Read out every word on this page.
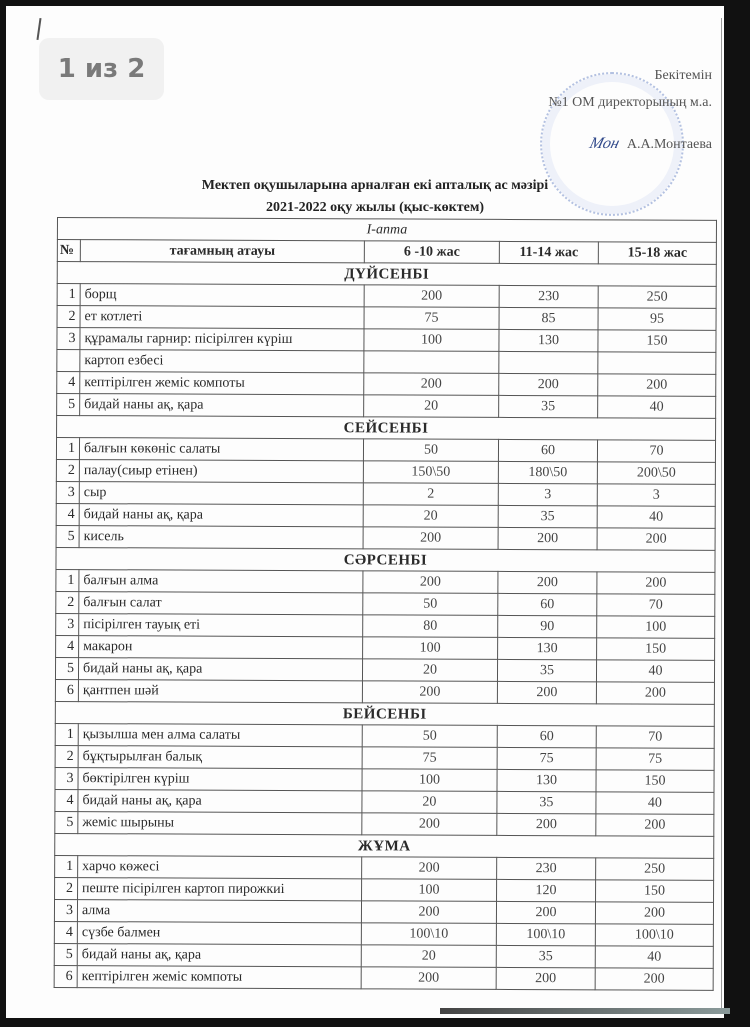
1 из 2	Бекітемін
№1 ОМ директорының м.а.
Мон А.А.Монтаева
Мектеп оқушыларына арналған екі апталық ас мәзірі
2021-2022 оқу жылы (қыс-көктем)
І-апта				
№	тағамның атауы	6 -10 жас	11-14 жас	15-18 жас
ДҮЙСЕНБІ				
1	борщ	200	230	250
2	ет котлеті	75	85	95
3	құрамалы гарнир: пісірілген күріш	100	130	150
	картоп езбесі			
4	кептірілген жеміс компоты	200	200	200
5	бидай наны ақ, қара	20	35	40
СЕЙСЕНБІ				
1	балғын көкөніс салаты	50	60	70
2	палау(сиыр етінен)	150\50	180\50	200\50
3	сыр	2	3	3
4	бидай наны ақ, қара	20	35	40
5	кисель	200	200	200
СӘРСЕНБІ				
1	балғын алма	200	200	200
2	балғын салат	50	60	70
3	пісірілген тауық еті	80	90	100
4	макарон	100	130	150
5	бидай наны ақ, қара	20	35	40
6	қантпен шәй	200	200	200
БЕЙСЕНБІ				
1	қызылша мен алма салаты	50	60	70
2	бұқтырылған балық	75	75	75
3	бөктірілген күріш	100	130	150
4	бидай наны ақ, қара	20	35	40
5	жеміс шырыны	200	200	200
ЖҰМА				
1	харчо көжесі	200	230	250
2	пеште пісірілген картоп пирожкиі	100	120	150
3	алма	200	200	200
4	сүзбе балмен	100\10	100\10	100\10
5	бидай наны ақ, қара	20	35	40
6	кептірілген жеміс компоты	200	200	200
